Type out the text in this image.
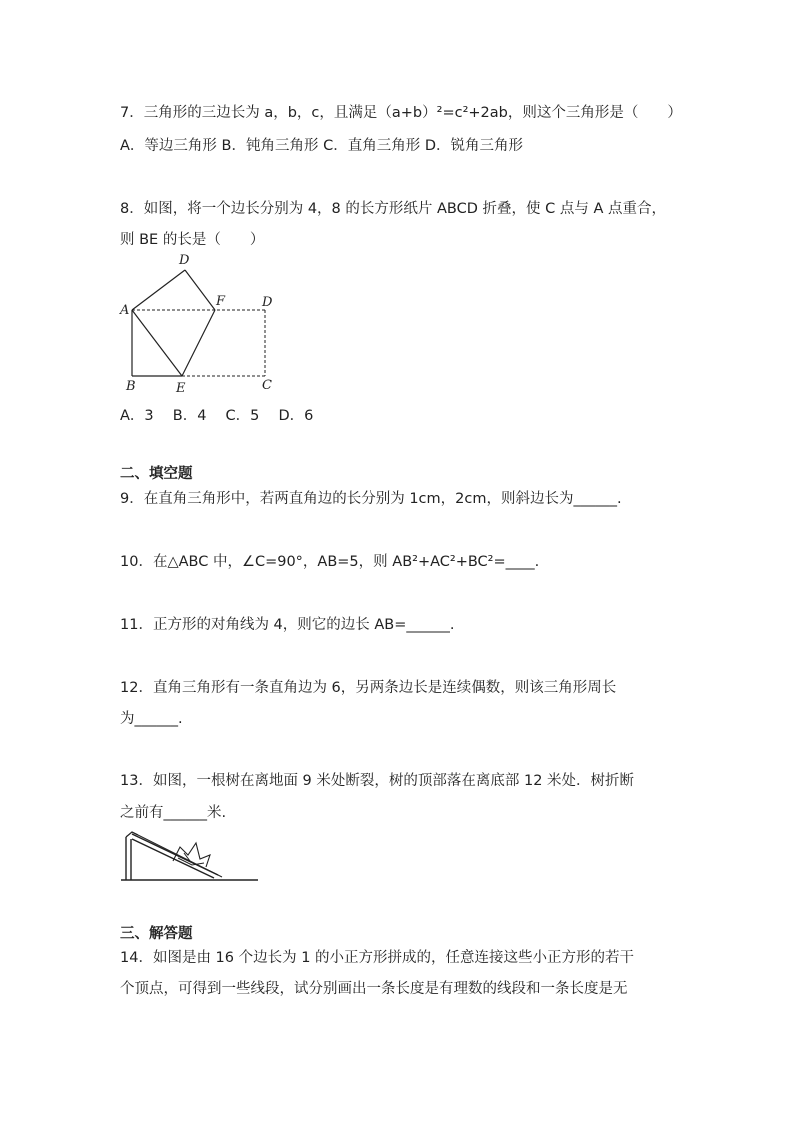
7．三角形的三边长为 a，b，c，且满足（a+b）²=c²+2ab，则这个三角形是（　　）
A．等边三角形 B．钝角三角形 C．直角三角形 D．锐角三角形
8．如图，将一个边长分别为 4，8 的长方形纸片 ABCD 折叠，使 C 点与 A 点重合，
则 BE 的长是（　　）
D
A
F	D
B	E	C
A．3　 B．4　 C．5　 D．6
二、填空题
9．在直角三角形中，若两直角边的长分别为 1cm，2cm，则斜边长为______.
10．在△ABC 中，∠C=90°，AB=5，则 AB²+AC²+BC²=____.
11．正方形的对角线为 4，则它的边长 AB=______.
12．直角三角形有一条直角边为 6，另两条边长是连续偶数，则该三角形周长
为______.
13．如图，一根树在离地面 9 米处断裂，树的顶部落在离底部 12 米处．树折断
之前有______米.
三、解答题
14．如图是由 16 个边长为 1 的小正方形拼成的，任意连接这些小正方形的若干
个顶点，可得到一些线段，试分别画出一条长度是有理数的线段和一条长度是无
